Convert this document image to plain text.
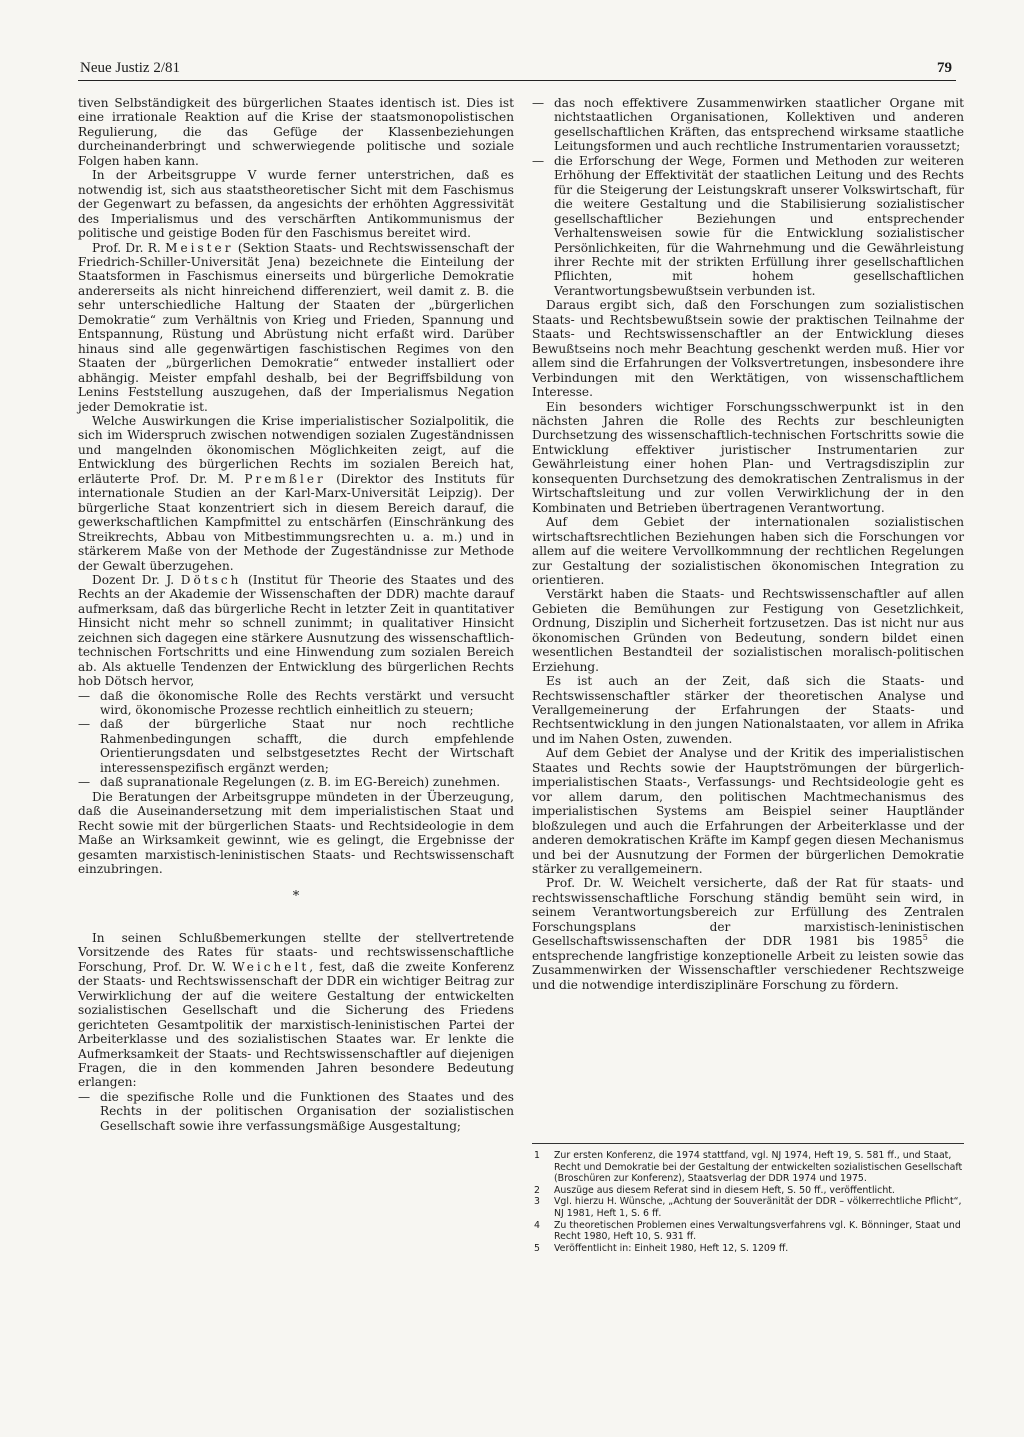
Neue Justiz 2/81	79

tiven Selbständigkeit des bürgerlichen Staates identisch ist. Dies ist eine irrationale Reaktion auf die Krise der staatsmonopolistischen Regulierung, die das Gefüge der Klassenbeziehungen durcheinanderbringt und schwerwiegende politische und soziale Folgen haben kann.

In der Arbeitsgruppe V wurde ferner unterstrichen, daß es notwendig ist, sich aus staatstheoretischer Sicht mit dem Faschismus der Gegenwart zu befassen, da angesichts der erhöhten Aggressivität des Imperialismus und des verschärften Antikommunismus der politische und geistige Boden für den Faschismus bereitet wird.

Prof. Dr. R. Meister (Sektion Staats- und Rechtswissenschaft der Friedrich-Schiller-Universität Jena) bezeichnete die Einteilung der Staatsformen in Faschismus einerseits und bürgerliche Demokratie andererseits als nicht hinreichend differenziert, weil damit z. B. die sehr unterschiedliche Haltung der Staaten der „bürgerlichen Demokratie“ zum Verhältnis von Krieg und Frieden, Spannung und Entspannung, Rüstung und Abrüstung nicht erfaßt wird. Darüber hinaus sind alle gegenwärtigen faschistischen Regimes von den Staaten der „bürgerlichen Demokratie“ entweder installiert oder abhängig. Meister empfahl deshalb, bei der Begriffsbildung von Lenins Feststellung auszugehen, daß der Imperialismus Negation jeder Demokratie ist.

Welche Auswirkungen die Krise imperialistischer Sozialpolitik, die sich im Widerspruch zwischen notwendigen sozialen Zugeständnissen und mangelnden ökonomischen Möglichkeiten zeigt, auf die Entwicklung des bürgerlichen Rechts im sozialen Bereich hat, erläuterte Prof. Dr. M. Premßler (Direktor des Instituts für internationale Studien an der Karl-Marx-Universität Leipzig). Der bürgerliche Staat konzentriert sich in diesem Bereich darauf, die gewerkschaftlichen Kampfmittel zu entschärfen (Einschränkung des Streikrechts, Abbau von Mitbestimmungsrechten u. a. m.) und in stärkerem Maße von der Methode der Zugeständnisse zur Methode der Gewalt überzugehen.

Dozent Dr. J. Dötsch (Institut für Theorie des Staates und des Rechts an der Akademie der Wissenschaften der DDR) machte darauf aufmerksam, daß das bürgerliche Recht in letzter Zeit in quantitativer Hinsicht nicht mehr so schnell zunimmt; in qualitativer Hinsicht zeichnen sich dagegen eine stärkere Ausnutzung des wissenschaftlich-technischen Fortschritts und eine Hinwendung zum sozialen Bereich ab. Als aktuelle Tendenzen der Entwicklung des bürgerlichen Rechts hob Dötsch hervor,

— daß die ökonomische Rolle des Rechts verstärkt und versucht wird, ökonomische Prozesse rechtlich einheitlich zu steuern;

— daß der bürgerliche Staat nur noch rechtliche Rahmenbedingungen schafft, die durch empfehlende Orientierungsdaten und selbstgesetztes Recht der Wirtschaft interessenspezifisch ergänzt werden;

— daß supranationale Regelungen (z. B. im EG-Bereich) zunehmen.

Die Beratungen der Arbeitsgruppe mündeten in der Überzeugung, daß die Auseinandersetzung mit dem imperialistischen Staat und Recht sowie mit der bürgerlichen Staats- und Rechtsideologie in dem Maße an Wirksamkeit gewinnt, wie es gelingt, die Ergebnisse der gesamten marxistisch-leninistischen Staats- und Rechtswissenschaft einzubringen.

*

In seinen Schlußbemerkungen stellte der stellvertretende Vorsitzende des Rates für staats- und rechtswissenschaftliche Forschung, Prof. Dr. W. Weichelt, fest, daß die zweite Konferenz der Staats- und Rechtswissenschaft der DDR ein wichtiger Beitrag zur Verwirklichung der auf die weitere Gestaltung der entwickelten sozialistischen Gesellschaft und die Sicherung des Friedens gerichteten Gesamtpolitik der marxistisch-leninistischen Partei der Arbeiterklasse und des sozialistischen Staates war. Er lenkte die Aufmerksamkeit der Staats- und Rechtswissenschaftler auf diejenigen Fragen, die in den kommenden Jahren besondere Bedeutung erlangen:

— die spezifische Rolle und die Funktionen des Staates und des Rechts in der politischen Organisation der sozialistischen Gesellschaft sowie ihre verfassungsmäßige Ausgestaltung;

— das noch effektivere Zusammenwirken staatlicher Organe mit nichtstaatlichen Organisationen, Kollektiven und anderen gesellschaftlichen Kräften, das entsprechend wirksame staatliche Leitungsformen und auch rechtliche Instrumentarien voraussetzt;

— die Erforschung der Wege, Formen und Methoden zur weiteren Erhöhung der Effektivität der staatlichen Leitung und des Rechts für die Steigerung der Leistungskraft unserer Volkswirtschaft, für die weitere Gestaltung und die Stabilisierung sozialistischer gesellschaftlicher Beziehungen und entsprechender Verhaltensweisen sowie für die Entwicklung sozialistischer Persönlichkeiten, für die Wahrnehmung und die Gewährleistung ihrer Rechte mit der strikten Erfüllung ihrer gesellschaftlichen Pflichten, mit hohem gesellschaftlichen Verantwortungsbewußtsein verbunden ist.

Daraus ergibt sich, daß den Forschungen zum sozialistischen Staats- und Rechtsbewußtsein sowie der praktischen Teilnahme der Staats- und Rechtswissenschaftler an der Entwicklung dieses Bewußtseins noch mehr Beachtung geschenkt werden muß. Hier vor allem sind die Erfahrungen der Volksvertretungen, insbesondere ihre Verbindungen mit den Werktätigen, von wissenschaftlichem Interesse.

Ein besonders wichtiger Forschungsschwerpunkt ist in den nächsten Jahren die Rolle des Rechts zur beschleunigten Durchsetzung des wissenschaftlich-technischen Fortschritts sowie die Entwicklung effektiver juristischer Instrumentarien zur Gewährleistung einer hohen Plan- und Vertragsdisziplin zur konsequenten Durchsetzung des demokratischen Zentralismus in der Wirtschaftsleitung und zur vollen Verwirklichung der in den Kombinaten und Betrieben übertragenen Verantwortung.

Auf dem Gebiet der internationalen sozialistischen wirtschaftsrechtlichen Beziehungen haben sich die Forschungen vor allem auf die weitere Vervollkommnung der rechtlichen Regelungen zur Gestaltung der sozialistischen ökonomischen Integration zu orientieren.

Verstärkt haben die Staats- und Rechtswissenschaftler auf allen Gebieten die Bemühungen zur Festigung von Gesetzlichkeit, Ordnung, Disziplin und Sicherheit fortzusetzen. Das ist nicht nur aus ökonomischen Gründen von Bedeutung, sondern bildet einen wesentlichen Bestandteil der sozialistischen moralisch-politischen Erziehung.

Es ist auch an der Zeit, daß sich die Staats- und Rechtswissenschaftler stärker der theoretischen Analyse und Verallgemeinerung der Erfahrungen der Staats- und Rechtsentwicklung in den jungen Nationalstaaten, vor allem in Afrika und im Nahen Osten, zuwenden.

Auf dem Gebiet der Analyse und der Kritik des imperialistischen Staates und Rechts sowie der Hauptströmungen der bürgerlich-imperialistischen Staats-, Verfassungs- und Rechtsideologie geht es vor allem darum, den politischen Machtmechanismus des imperialistischen Systems am Beispiel seiner Hauptländer bloßzulegen und auch die Erfahrungen der Arbeiterklasse und der anderen demokratischen Kräfte im Kampf gegen diesen Mechanismus und bei der Ausnutzung der Formen der bürgerlichen Demokratie stärker zu verallgemeinern.

Prof. Dr. W. Weichelt versicherte, daß der Rat für staats- und rechtswissenschaftliche Forschung ständig bemüht sein wird, in seinem Verantwortungsbereich zur Erfüllung des Zentralen Forschungsplans der marxistisch-leninistischen Gesellschaftswissenschaften der DDR 1981 bis 1985$^5$ die entsprechende langfristige konzeptionelle Arbeit zu leisten sowie das Zusammenwirken der Wissenschaftler verschiedener Rechtszweige und die notwendige interdisziplinäre Forschung zu fördern.

1 Zur ersten Konferenz, die 1974 stattfand, vgl. NJ 1974, Heft 19, S. 581 ff., und Staat, Recht und Demokratie bei der Gestaltung der entwickelten sozialistischen Gesellschaft (Broschüren zur Konferenz), Staatsverlag der DDR 1974 und 1975.
2 Auszüge aus diesem Referat sind in diesem Heft, S. 50 ff., veröffentlicht.
3 Vgl. hierzu H. Wünsche, „Achtung der Souveränität der DDR – völkerrechtliche Pflicht“, NJ 1981, Heft 1, S. 6 ff.
4 Zu theoretischen Problemen eines Verwaltungsverfahrens vgl. K. Bönninger, Staat und Recht 1980, Heft 10, S. 931 ff.
5 Veröffentlicht in: Einheit 1980, Heft 12, S. 1209 ff.
